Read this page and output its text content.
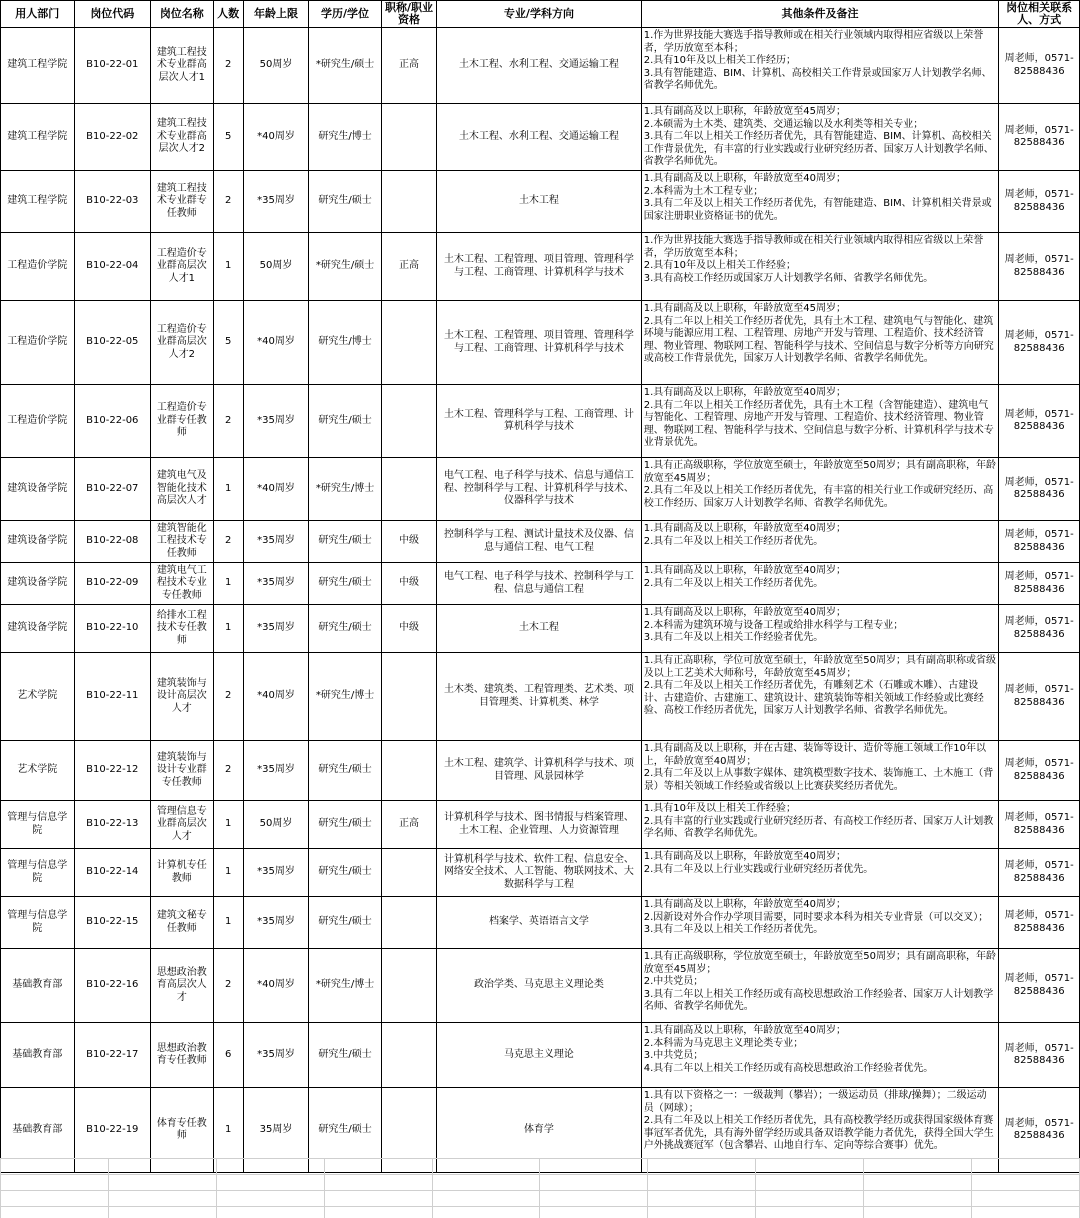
用人部门	岗位代码	岗位名称	人数	年龄上限	学历/学位	职称/职业资格	专业/学科方向	其他条件及备注	岗位相关联系人、方式
建筑工程学院	B10-22-01	建筑工程技术专业群高层次人才1	2	50周岁	*研究生/硕士	正高	土木工程、水利工程、交通运输工程	1.作为世界技能大赛选手指导教师或在相关行业领域内取得相应省级以上荣誉者，学历放宽至本科；
2.具有10年及以上相关工作经历；
3.具有智能建造、BIM、计算机、高校相关工作背景或国家万人计划教学名师、省教学名师优先。	周老师，0571-82588436
建筑工程学院	B10-22-02	建筑工程技术专业群高层次人才2	5	*40周岁	研究生/博士		土木工程、水利工程、交通运输工程	1.具有副高及以上职称，年龄放宽至45周岁；
2.本硕需为土木类、建筑类、交通运输以及水利类等相关专业；
3.具有二年以上相关工作经历者优先，具有智能建造、BIM、计算机、高校相关工作背景优先，有丰富的行业实践或行业研究经历者、国家万人计划教学名师、省教学名师优先。	周老师，0571-82588436
建筑工程学院	B10-22-03	建筑工程技术专业群专任教师	2	*35周岁	研究生/硕士		土木工程	1.具有副高及以上职称，年龄放宽至40周岁；
2.本科需为土木工程专业；
3.具有二年及以上相关工作经历者优先，有智能建造、BIM、计算机相关背景或国家注册职业资格证书的优先。	周老师，0571-82588436
工程造价学院	B10-22-04	工程造价专业群高层次人才1	1	50周岁	*研究生/硕士	正高	土木工程、工程管理、项目管理、管理科学与工程、工商管理、计算机科学与技术	1.作为世界技能大赛选手指导教师或在相关行业领域内取得相应省级以上荣誉者，学历放宽至本科；
2.具有10年及以上相关工作经验；
3.具有高校工作经历或国家万人计划教学名师、省教学名师优先。	周老师，0571-82588436
工程造价学院	B10-22-05	工程造价专业群高层次人才2	5	*40周岁	研究生/博士		土木工程、工程管理、项目管理、管理科学与工程、工商管理、计算机科学与技术	1.具有副高及以上职称，年龄放宽至45周岁；
2.具有二年以上相关工作经历者优先，具有土木工程、建筑电气与智能化、建筑环境与能源应用工程、工程管理、房地产开发与管理、工程造价、技术经济管理、物业管理、物联网工程、智能科学与技术、空间信息与数字分析等方向研究或高校工作背景优先，国家万人计划教学名师、省教学名师优先。	周老师，0571-82588436
工程造价学院	B10-22-06	工程造价专业群专任教师	2	*35周岁	研究生/硕士		土木工程、管理科学与工程、工商管理、计算机科学与技术	1.具有副高及以上职称，年龄放宽至40周岁；
2.具有二年以上相关工作经历者优先，具有土木工程（含智能建造）、建筑电气与智能化、工程管理、房地产开发与管理、工程造价、技术经济管理、物业管理、物联网工程、智能科学与技术、空间信息与数字分析、计算机科学与技术专业背景优先。	周老师，0571-82588436
建筑设备学院	B10-22-07	建筑电气及智能化技术高层次人才	1	*40周岁	*研究生/博士		电气工程、电子科学与技术、信息与通信工程、控制科学与工程、计算机科学与技术、仪器科学与技术	1.具有正高级职称，学位放宽至硕士，年龄放宽至50周岁；具有副高职称，年龄放宽至45周岁；
2.具有二年及以上相关工作经历者优先，有丰富的相关行业工作或研究经历、高校工作经历、国家万人计划教学名师、省教学名师优先。	周老师，0571-82588436
建筑设备学院	B10-22-08	建筑智能化工程技术专任教师	2	*35周岁	研究生/硕士	中级	控制科学与工程、测试计量技术及仪器、信息与通信工程、电气工程	1.具有副高及以上职称，年龄放宽至40周岁；
2.具有二年及以上相关工作经历者优先。	周老师，0571-82588436
建筑设备学院	B10-22-09	建筑电气工程技术专业专任教师	1	*35周岁	研究生/硕士	中级	电气工程、电子科学与技术、控制科学与工程、信息与通信工程	1.具有副高及以上职称，年龄放宽至40周岁；
2.具有二年及以上相关工作经历者优先。	周老师，0571-82588436
建筑设备学院	B10-22-10	给排水工程技术专任教师	1	*35周岁	研究生/硕士	中级	土木工程	1.具有副高及以上职称，年龄放宽至40周岁；
2.本科需为建筑环境与设备工程或给排水科学与工程专业；
3.具有二年及以上相关工作经验者优先。	周老师，0571-82588436
艺术学院	B10-22-11	建筑装饰与设计高层次人才	2	*40周岁	*研究生/博士		土木类、建筑类、工程管理类、艺术类、项目管理类、计算机类、林学	1.具有正高职称，学位可放宽至硕士，年龄放宽至50周岁；具有副高职称或省级及以上工艺美术大师称号，年龄放宽至45周岁；
2.具有二年及以上相关工作经历者优先，有雕刻艺术（石雕或木雕）、古建设计、古建造价、古建施工、建筑设计、建筑装饰等相关领域工作经验或比赛经验、高校工作经历者优先，国家万人计划教学名师、省教学名师优先。	周老师，0571-82588436
艺术学院	B10-22-12	建筑装饰与设计专业群专任教师	2	*35周岁	研究生/硕士		土木工程、建筑学、计算机科学与技术、项目管理、风景园林学	1.具有副高及以上职称，并在古建、装饰等设计、造价等施工领域工作10年以上，年龄放宽至40周岁；
2.具有二年及以上从事数字媒体、建筑模型数字技术、装饰施工、土木施工（背景）等相关领域工作经验或省级以上比赛获奖经历者优先。	周老师，0571-82588436
管理与信息学院	B10-22-13	管理信息专业群高层次人才	1	50周岁	研究生/硕士	正高	计算机科学与技术、图书情报与档案管理、土木工程、企业管理、人力资源管理	1.具有10年及以上相关工作经验；
2.具有丰富的行业实践或行业研究经历者、有高校工作经历者、国家万人计划教学名师、省教学名师优先。	周老师，0571-82588436
管理与信息学院	B10-22-14	计算机专任教师	1	*35周岁	研究生/硕士		计算机科学与技术、软件工程、信息安全、网络安全技术、人工智能、物联网技术、大数据科学与工程	1.具有副高及以上职称，年龄放宽至40周岁；
2.具有二年及以上行业实践或行业研究经历者优先。	周老师，0571-82588436
管理与信息学院	B10-22-15	建筑文秘专任教师	1	*35周岁	研究生/硕士		档案学、英语语言文学	1.具有副高及以上职称，年龄放宽至40周岁；
2.因新设对外合作办学项目需要，同时要求本科为相关专业背景（可以交叉）；
3.具有二年及以上相关工作经历者优先。	周老师，0571-82588436
基础教育部	B10-22-16	思想政治教育高层次人才	2	*40周岁	*研究生/博士		政治学类、马克思主义理论类	1.具有正高级职称，学位放宽至硕士，年龄放宽至50周岁；具有副高职称，年龄放宽至45周岁；
2.中共党员；
3.具有二年以上相关工作经历或有高校思想政治工作经验者、国家万人计划教学名师、省教学名师优先。	周老师，0571-82588436
基础教育部	B10-22-17	思想政治教育专任教师	6	*35周岁	研究生/硕士		马克思主义理论	1.具有副高及以上职称，年龄放宽至40周岁；
2.本科需为马克思主义理论类专业；
3.中共党员；
4.具有二年以上相关工作经历或有高校思想政治工作经验者优先。	周老师，0571-82588436
基础教育部	B10-22-19	体育专任教师	1	35周岁	研究生/硕士		体育学	1.具有以下资格之一：一级裁判（攀岩）；一级运动员（排球/操舞）；二级运动员（网球）；
2.具有二年及以上相关工作经历者优先，具有高校教学经历或获得国家级体育赛事冠军者优先，具有海外留学经历或具备双语教学能力者优先，获得全国大学生户外挑战赛冠军（包含攀岩、山地自行车、定向等综合赛事）优先。	周老师，0571-82588436
